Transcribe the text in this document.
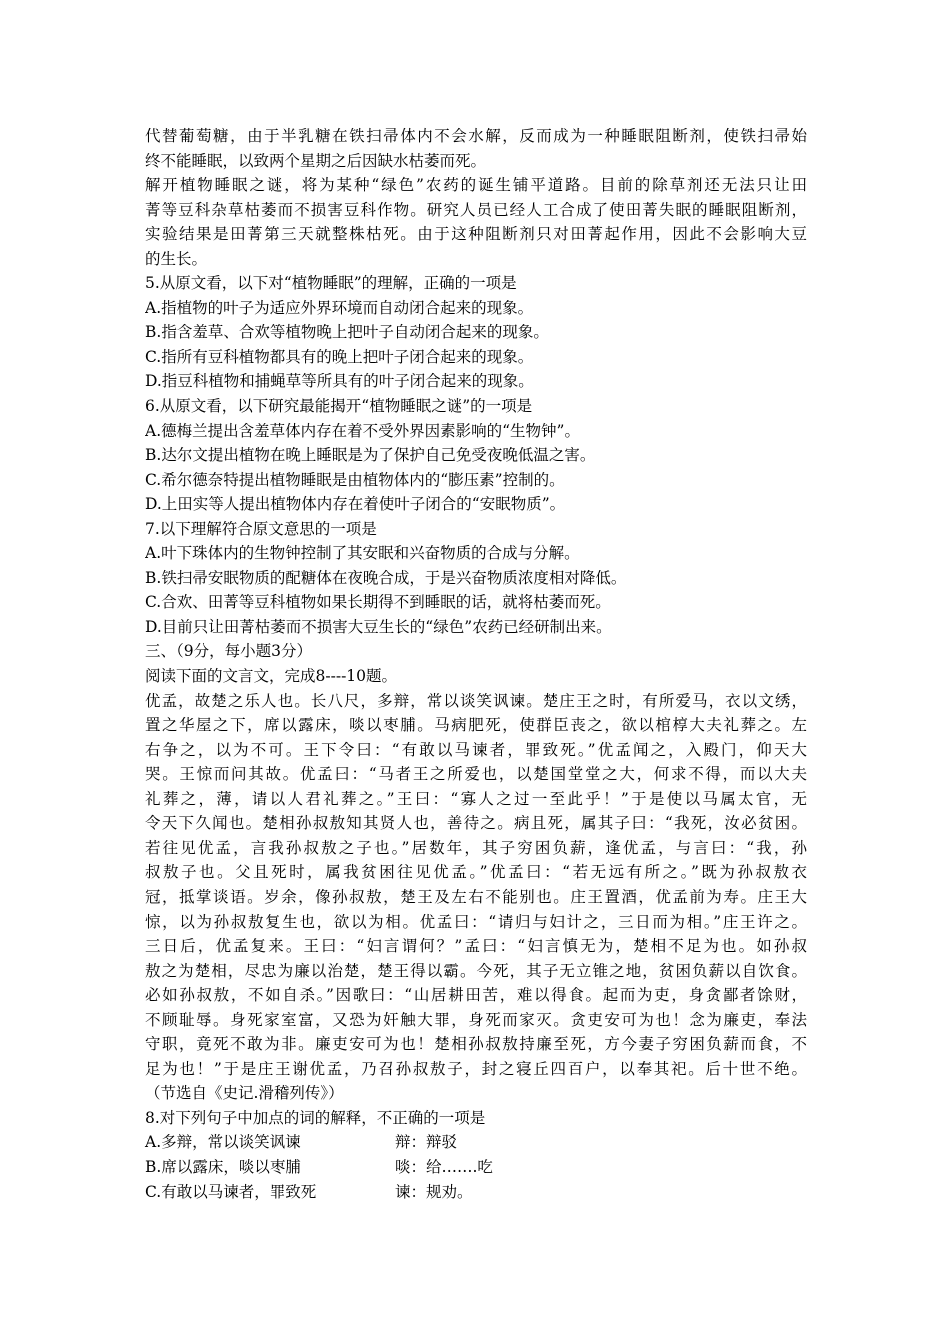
代替葡萄糖，由于半乳糖在铁扫帚体内不会水解，反而成为一种睡眠阻断剂，使铁扫帚始
终不能睡眠，以致两个星期之后因缺水枯萎而死。
解开植物睡眠之谜，将为某种“绿色”农药的诞生铺平道路。目前的除草剂还无法只让田
菁等豆科杂草枯萎而不损害豆科作物。研究人员已经人工合成了使田菁失眠的睡眠阻断剂，
实验结果是田菁第三天就整株枯死。由于这种阻断剂只对田菁起作用，因此不会影响大豆
的生长。
5.从原文看，以下对“植物睡眠”的理解，正确的一项是
A.指植物的叶子为适应外界环境而自动闭合起来的现象。
B.指含羞草、合欢等植物晚上把叶子自动闭合起来的现象。
C.指所有豆科植物都具有的晚上把叶子闭合起来的现象。
D.指豆科植物和捕蝇草等所具有的叶子闭合起来的现象。
6.从原文看，以下研究最能揭开“植物睡眠之谜”的一项是
A.德梅兰提出含羞草体内存在着不受外界因素影响的“生物钟”。
B.达尔文提出植物在晚上睡眠是为了保护自己免受夜晚低温之害。
C.希尔德奈特提出植物睡眠是由植物体内的“膨压素”控制的。
D.上田实等人提出植物体内存在着使叶子闭合的“安眠物质”。
7.以下理解符合原文意思的一项是
A.叶下珠体内的生物钟控制了其安眠和兴奋物质的合成与分解。
B.铁扫帚安眠物质的配糖体在夜晚合成，于是兴奋物质浓度相对降低。
C.合欢、田菁等豆科植物如果长期得不到睡眠的话，就将枯萎而死。
D.目前只让田菁枯萎而不损害大豆生长的“绿色”农药已经研制出来。
三、（9分，每小题3分）
阅读下面的文言文，完成8----10题。
优孟，故楚之乐人也。长八尺，多辩，常以谈笑讽谏。楚庄王之时，有所爱马，衣以文绣，
置之华屋之下，席以露床，啖以枣脯。马病肥死，使群臣丧之，欲以棺椁大夫礼葬之。左
右争之，以为不可。王下令曰：“有敢以马谏者，罪致死。”优孟闻之，入殿门，仰天大
哭。王惊而问其故。优孟曰：“马者王之所爱也，以楚国堂堂之大，何求不得，而以大夫
礼葬之，薄，请以人君礼葬之。”王曰：“寡人之过一至此乎！”于是使以马属太官，无
令天下久闻也。楚相孙叔敖知其贤人也，善待之。病且死，属其子曰：“我死，汝必贫困。
若往见优孟，言我孙叔敖之子也。”居数年，其子穷困负薪，逢优孟，与言曰：“我，孙
叔敖子也。父且死时，属我贫困往见优孟。”优孟曰：“若无远有所之。”既为孙叔敖衣
冠，抵掌谈语。岁余，像孙叔敖，楚王及左右不能别也。庄王置酒，优孟前为寿。庄王大
惊，以为孙叔敖复生也，欲以为相。优孟曰：“请归与妇计之，三日而为相。”庄王许之。
三日后，优孟复来。王曰：“妇言谓何？”孟曰：“妇言慎无为，楚相不足为也。如孙叔
敖之为楚相，尽忠为廉以治楚，楚王得以霸。今死，其子无立锥之地，贫困负薪以自饮食。
必如孙叔敖，不如自杀。”因歌曰：“山居耕田苦，难以得食。起而为吏，身贪鄙者馀财，
不顾耻辱。身死家室富，又恐为奸触大罪，身死而家灭。贪吏安可为也！念为廉吏，奉法
守职，竟死不敢为非。廉吏安可为也！楚相孙叔敖持廉至死，方今妻子穷困负薪而食，不
足为也！”于是庄王谢优孟，乃召孙叔敖子，封之寝丘四百户，以奉其祀。后十世不绝。
（节选自《史记.滑稽列传》）
8.对下列句子中加点的词的解释，不正确的一项是
A.多辩，常以谈笑讽谏	辩：辩驳
B.席以露床，啖以枣脯	啖：给…….吃
C.有敢以马谏者，罪致死	谏：规劝。
